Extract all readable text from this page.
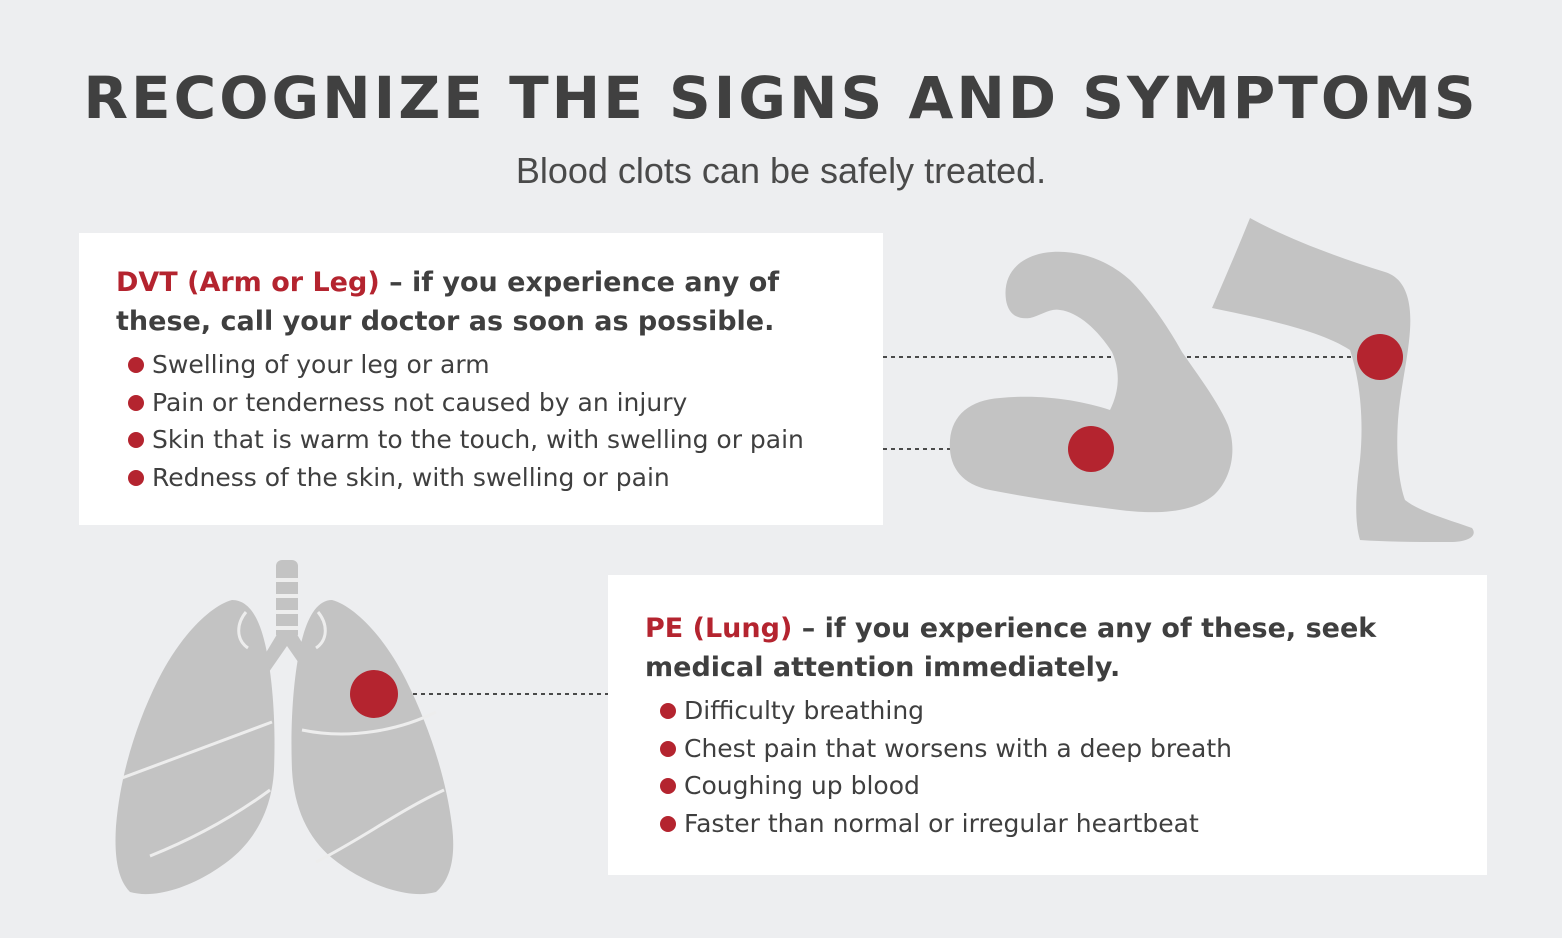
RECOGNIZE THE SIGNS AND SYMPTOMS
Blood clots can be safely treated.
DVT (Arm or Leg) – if you experience any of these, call your doctor as soon as possible.
Swelling of your leg or arm
Pain or tenderness not caused by an injury
Skin that is warm to the touch, with swelling or pain
Redness of the skin, with swelling or pain
PE (Lung) – if you experience any of these, seek medical attention immediately.
Difficulty breathing
Chest pain that worsens with a deep breath
Coughing up blood
Faster than normal or irregular heartbeat
